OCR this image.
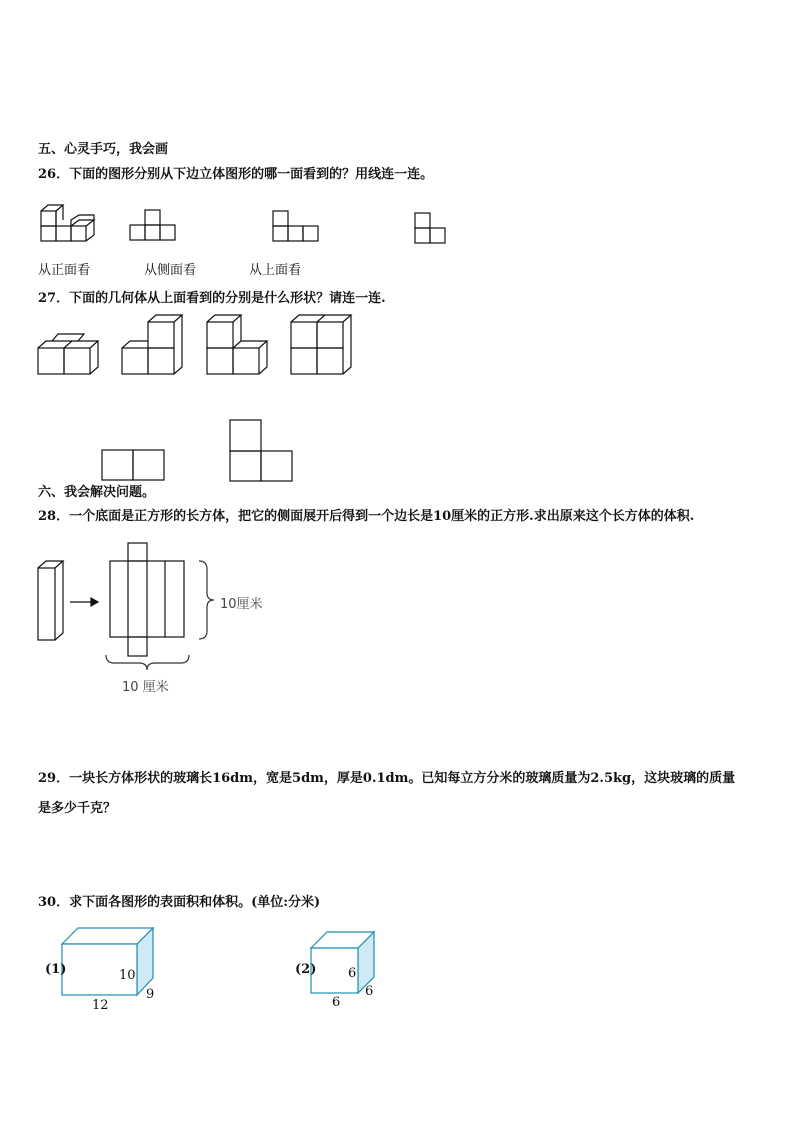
五、心灵手巧，我会画
26．下面的图形分别从下边立体图形的哪一面看到的？用线连一连。
从正面看	从侧面看	从上面看
27．下面的几何体从上面看到的分别是什么形状？请连一连.
六、我会解决问题。
28．一个底面是正方形的长方体，把它的侧面展开后得到一个边长是10厘米的正方形.求出原来这个长方体的体积.
10厘米
10 厘米
29．一块长方体形状的玻璃长16dm，宽是5dm，厚是0.1dm。已知每立方分米的玻璃质量为2.5kg，这块玻璃的质量
是多少千克？
30．求下面各图形的表面积和体积。(单位:分米)
(1)	10
12
9
(2) 6
6
6
